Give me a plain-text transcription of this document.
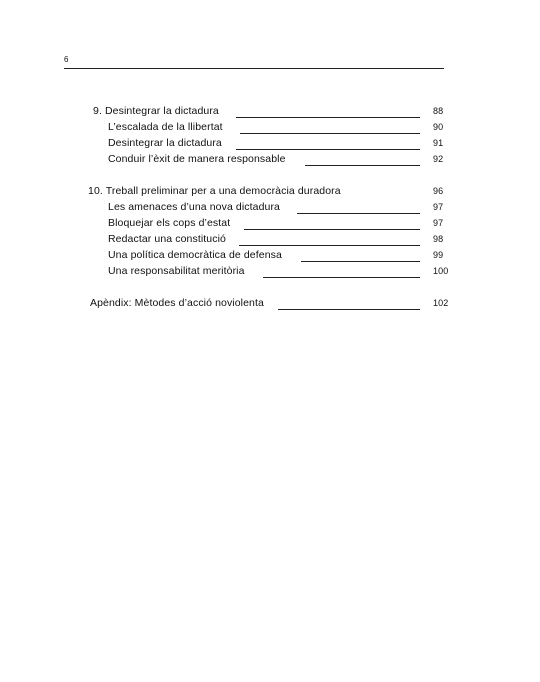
6
9. Desintegrar la dictadura	88
L’escalada de la llibertat	90
Desintegrar la dictadura	91
Conduir l’èxit de manera responsable	92
10. Treball preliminar per a una democràcia duradora	96
Les amenaces d’una nova dictadura	97
Bloquejar els cops d’estat	97
Redactar una constitució	98
Una política democràtica de defensa	99
Una responsabilitat meritòria	100
Apèndix: Mètodes d’acció noviolenta	102
